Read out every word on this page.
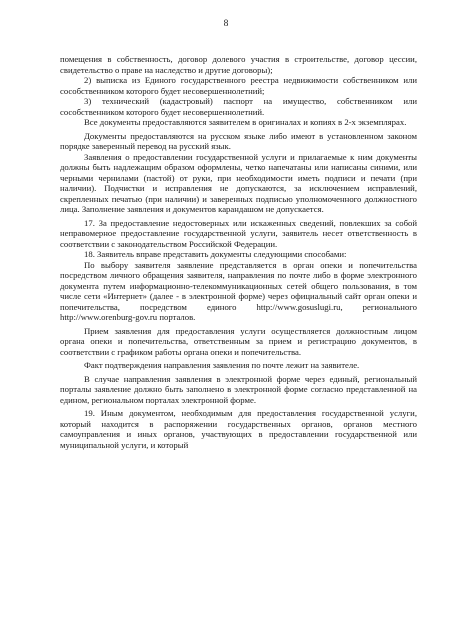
8

помещения в собственность, договор долевого участия в строительстве, договор цессии, свидетельство о праве на наследство и другие договоры);

2) выписка из Единого государственного реестра недвижимости собственником или сособственником которого будет несовершеннолетний;

3) технический (кадастровый) паспорт на имущество, собственником или сособственником которого будет несовершеннолетний.

Все документы предоставляются заявителем в оригиналах и копиях в 2-х экземплярах.

Документы предоставляются на русском языке либо имеют в установленном законом порядке заверенный перевод на русский язык.

Заявления о предоставлении государственной услуги и прилагаемые к ним документы должны быть надлежащим образом оформлены, четко напечатаны или написаны синими, или черными чернилами (пастой) от руки, при необходимости иметь подписи и печати (при наличии). Подчистки и исправления не допускаются, за исключением исправлений, скрепленных печатью (при наличии) и заверенных подписью уполномоченного должностного лица. Заполнение заявления и документов карандашом не допускается.

17. За предоставление недостоверных или искаженных сведений, повлекших за собой неправомерное предоставление государственной услуги, заявитель несет ответственность в соответствии с законодательством Российской Федерации.

18. Заявитель вправе представить документы следующими способами:

По выбору заявителя заявление представляется в орган опеки и попечительства посредством личного обращения заявителя, направления по почте либо в форме электронного документа путем информационно-телекоммуникационных сетей общего пользования, в том числе сети «Интернет» (далее - в электронной форме) через официальный сайт орган опеки и попечительства, посредством единого http://www.gosuslugi.ru, регионального http://www.orenburg-gov.ru порталов.

Прием заявления для предоставления услуги осуществляется должностным лицом органа опеки и попечительства, ответственным за прием и регистрацию документов, в соответствии с графиком работы органа опеки и попечительства.

Факт подтверждения направления заявления по почте лежит на заявителе.

В случае направления заявления в электронной форме через единый, региональный порталы заявление должно быть заполнено в электронной форме согласно представленной на едином, региональном порталах электронной форме.

19. Иным документом, необходимым для предоставления государственной услуги, который находится в распоряжении государственных органов, органов местного самоуправления и иных органов, участвующих в предоставлении государственной или муниципальной услуги, и который
